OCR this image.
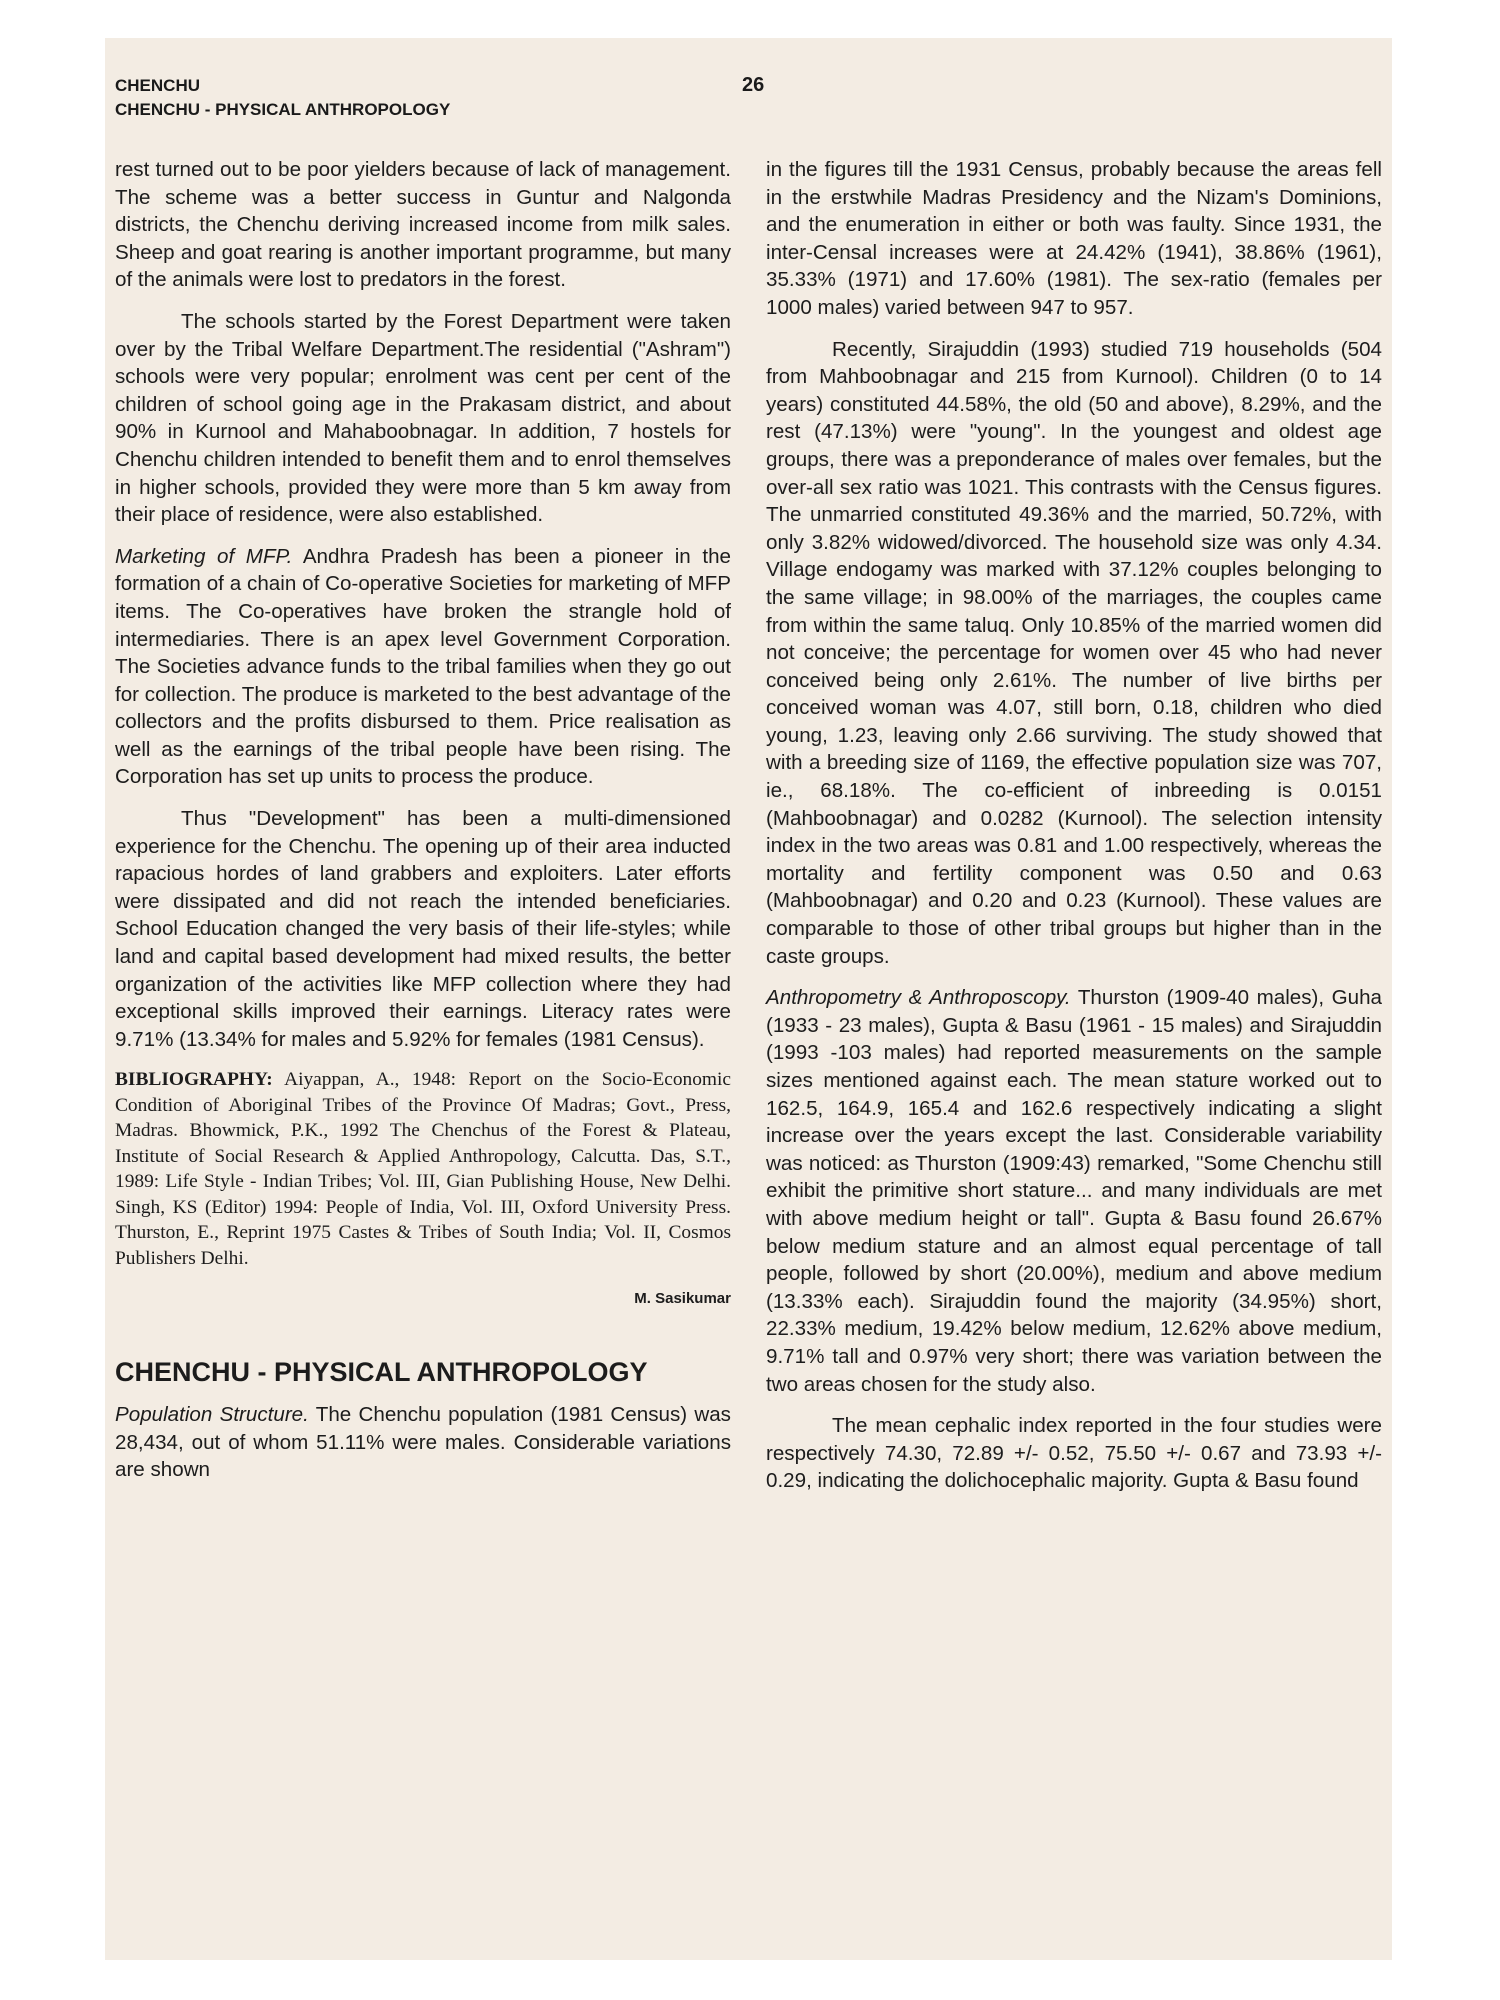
CHENCHU
CHENCHU - PHYSICAL ANTHROPOLOGY
26

rest turned out to be poor yielders because of lack of management. The scheme was a better success in Guntur and Nalgonda districts, the Chenchu deriving increased income from milk sales. Sheep and goat rearing is another important programme, but many of the animals were lost to predators in the forest.

The schools started by the Forest Department were taken over by the Tribal Welfare Department.The residential ("Ashram") schools were very popular; enrolment was cent per cent of the children of school going age in the Prakasam district, and about 90% in Kurnool and Mahaboobnagar. In addition, 7 hostels for Chenchu children intended to benefit them and to enrol themselves in higher schools, provided they were more than 5 km away from their place of residence, were also established.

Marketing of MFP. Andhra Pradesh has been a pioneer in the formation of a chain of Co-operative Societies for marketing of MFP items. The Co-operatives have broken the strangle hold of intermediaries. There is an apex level Government Corporation. The Societies advance funds to the tribal families when they go out for collection. The produce is marketed to the best advantage of the collectors and the profits disbursed to them. Price realisation as well as the earnings of the tribal people have been rising. The Corporation has set up units to process the produce.

Thus "Development" has been a multi-dimensioned experience for the Chenchu. The opening up of their area inducted rapacious hordes of land grabbers and exploiters. Later efforts were dissipated and did not reach the intended beneficiaries. School Education changed the very basis of their life-styles; while land and capital based development had mixed results, the better organization of the activities like MFP collection where they had exceptional skills improved their earnings. Literacy rates were 9.71% (13.34% for males and 5.92% for females (1981 Census).

BIBLIOGRAPHY: Aiyappan, A., 1948: Report on the Socio-Economic Condition of Aboriginal Tribes of the Province Of Madras; Govt., Press, Madras. Bhowmick, P.K., 1992 The Chenchus of the Forest & Plateau, Institute of Social Research & Applied Anthropology, Calcutta. Das, S.T., 1989: Life Style - Indian Tribes; Vol. III, Gian Publishing House, New Delhi. Singh, KS (Editor) 1994: People of India, Vol. III, Oxford University Press. Thurston, E., Reprint 1975 Castes & Tribes of South India; Vol. II, Cosmos Publishers Delhi.

M. Sasikumar
CHENCHU - PHYSICAL ANTHROPOLOGY

Population Structure. The Chenchu population (1981 Census) was 28,434, out of whom 51.11% were males. Considerable variations are shown

in the figures till the 1931 Census, probably because the areas fell in the erstwhile Madras Presidency and the Nizam's Dominions, and the enumeration in either or both was faulty. Since 1931, the inter-Censal increases were at 24.42% (1941), 38.86% (1961), 35.33% (1971) and 17.60% (1981). The sex-ratio (females per 1000 males) varied between 947 to 957.

Recently, Sirajuddin (1993) studied 719 households (504 from Mahboobnagar and 215 from Kurnool). Children (0 to 14 years) constituted 44.58%, the old (50 and above), 8.29%, and the rest (47.13%) were "young". In the youngest and oldest age groups, there was a preponderance of males over females, but the over-all sex ratio was 1021. This contrasts with the Census figures. The unmarried constituted 49.36% and the married, 50.72%, with only 3.82% widowed/divorced. The household size was only 4.34. Village endogamy was marked with 37.12% couples belonging to the same village; in 98.00% of the marriages, the couples came from within the same taluq. Only 10.85% of the married women did not conceive; the percentage for women over 45 who had never conceived being only 2.61%. The number of live births per conceived woman was 4.07, still born, 0.18, children who died young, 1.23, leaving only 2.66 surviving. The study showed that with a breeding size of 1169, the effective population size was 707, ie., 68.18%. The co-efficient of inbreeding is 0.0151 (Mahboobnagar) and 0.0282 (Kurnool). The selection intensity index in the two areas was 0.81 and 1.00 respectively, whereas the mortality and fertility component was 0.50 and 0.63 (Mahboobnagar) and 0.20 and 0.23 (Kurnool). These values are comparable to those of other tribal groups but higher than in the caste groups.

Anthropometry & Anthroposcopy. Thurston (1909-40 males), Guha (1933 - 23 males), Gupta & Basu (1961 - 15 males) and Sirajuddin (1993 -103 males) had reported measurements on the sample sizes mentioned against each. The mean stature worked out to 162.5, 164.9, 165.4 and 162.6 respectively indicating a slight increase over the years except the last. Considerable variability was noticed: as Thurston (1909:43) remarked, "Some Chenchu still exhibit the primitive short stature... and many individuals are met with above medium height or tall". Gupta & Basu found 26.67% below medium stature and an almost equal percentage of tall people, followed by short (20.00%), medium and above medium (13.33% each). Sirajuddin found the majority (34.95%) short, 22.33% medium, 19.42% below medium, 12.62% above medium, 9.71% tall and 0.97% very short; there was variation between the two areas chosen for the study also.

The mean cephalic index reported in the four studies were respectively 74.30, 72.89 +/- 0.52, 75.50 +/- 0.67 and 73.93 +/- 0.29, indicating the dolichocephalic majority. Gupta & Basu found
